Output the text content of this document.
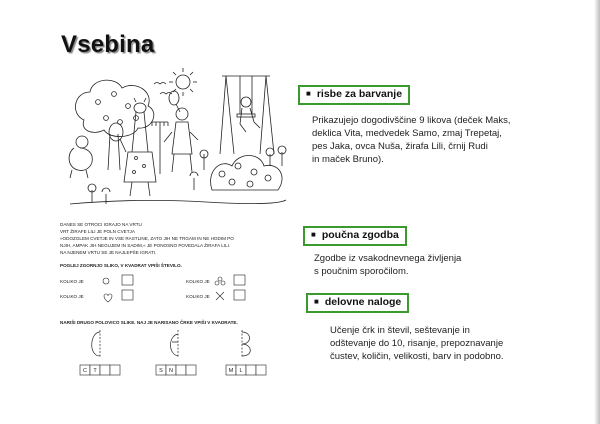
Vsebina
DANES SE OTROCI IGRAJO NA VRTU
VRT ŽIRAFE LILI JE POLN CVETJA
»ODOZGLEM CVETJE IN VSE RASTLINE, ZATO JIH NE TRGAM IN NE HODIM PO
NJIH, AMPAK JIH NEGUJEM IN SADIM,« JE PONOSNO POVEDALA ŽIRAFA LILI.
NA NJENEM VRTU SE JE NAJLEPŠE IGRATI.
POGLEJ ZGORNJO SLIKO, V KVADRAT VPIŠI ŠTEVILO.
KOLIKO JE
KOLIKO JE
KOLIKO JE
KOLIKO JE
NARIŠI DRUGO POLOVICO SLIKE. NAJ JE NARISANO ČRKE VPIŠI V KVADRATE.
C T	S N	M L
■ risbe za barvanje
Prikazujejo dogodivščine 9 likova (deček Maks,
deklica Vita, medvedek Samo, zmaj Trepetaj,
pes Jaka, ovca Nuša, žirafa Lili, črnij Rudi
in maček Bruno).
■ poučna zgodba
Zgodbe iz vsakodnevnega življenja
s poučnim sporočilom.
■ delovne naloge
Učenje črk in števil, seštevanje in
odštevanje do 10, risanje, prepoznavanje
čustev, količin, velikosti, barv in podobno.
